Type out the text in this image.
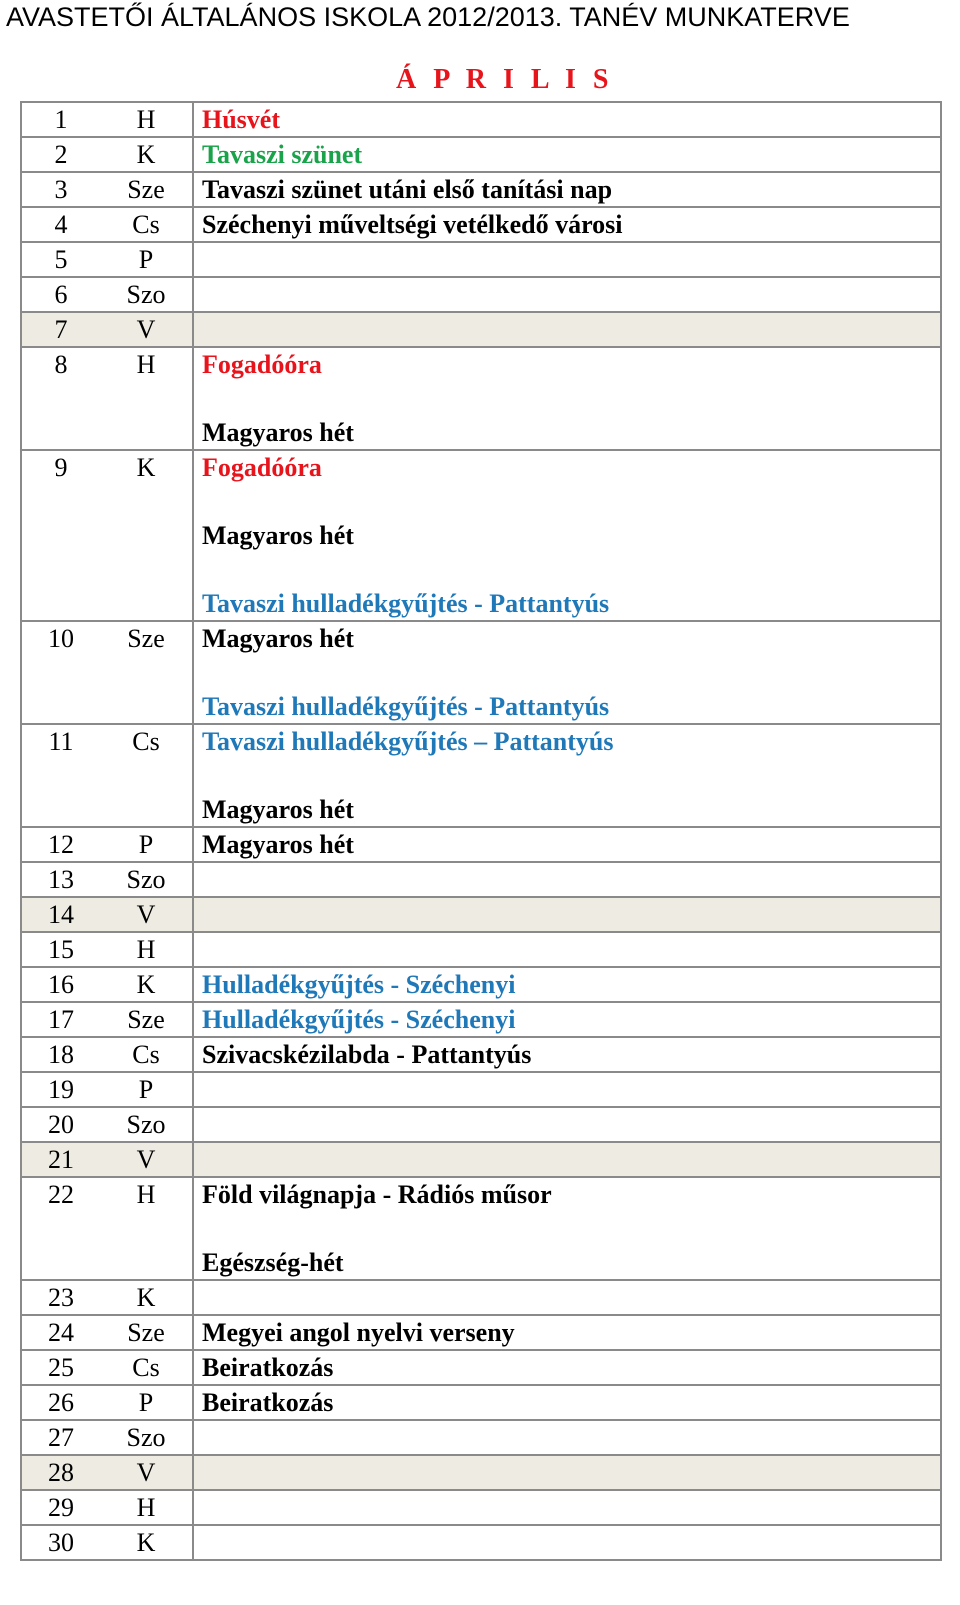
AVASTETŐI ÁLTALÁNOS ISKOLA 2012/2013. TANÉV MUNKATERVE
Á P R I L I S
1	H	Húsvét

2	K	Tavaszi szünet

3	Sze	Tavaszi szünet utáni első tanítási nap

4	Cs	Széchenyi műveltségi vetélkedő városi

5	P	
6	Szo	
7	V	
8	H	Fogadóóra
Magyaros hét

9	K	Fogadóóra
Magyaros hét
Tavaszi hulladékgyűjtés - Pattantyús

10	Sze	Magyaros hét
Tavaszi hulladékgyűjtés - Pattantyús

11	Cs	Tavaszi hulladékgyűjtés – Pattantyús
Magyaros hét

12	P	Magyaros hét

13	Szo	
14	V	
15	H	
16	K	Hulladékgyűjtés - Széchenyi

17	Sze	Hulladékgyűjtés - Széchenyi

18	Cs	Szivacskézilabda - Pattantyús

19	P	
20	Szo	
21	V	
22	H	Föld világnapja - Rádiós műsor
Egészség-hét

23	K	
24	Sze	Megyei angol nyelvi verseny

25	Cs	Beiratkozás

26	P	Beiratkozás

27	Szo	
28	V	
29	H	
30	K	
